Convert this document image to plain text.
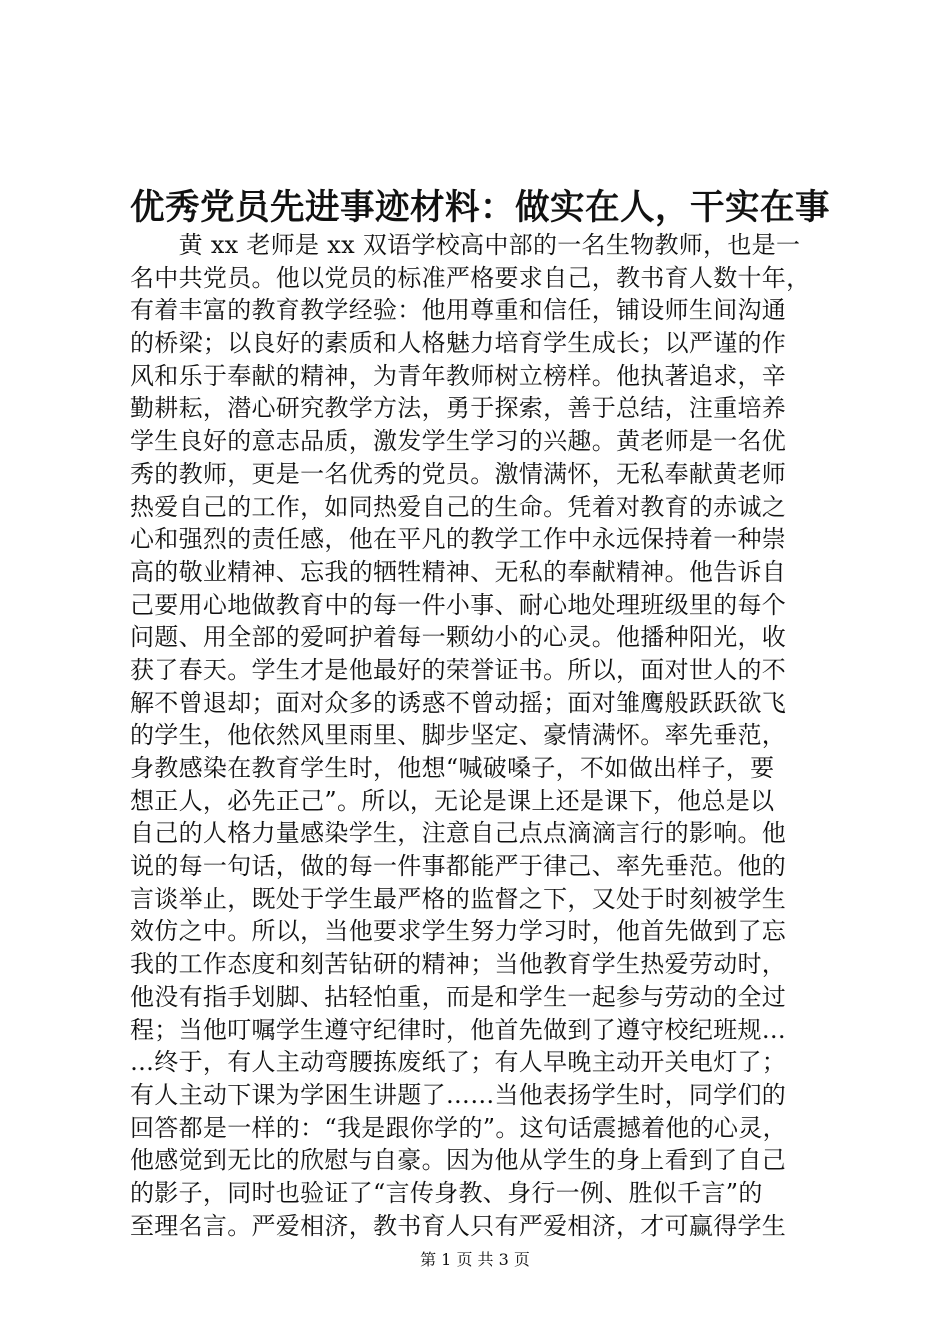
优秀党员先进事迹材料：做实在人，干实在事
　　黄 xx 老师是 xx 双语学校高中部的一名生物教师，也是一
名中共党员。他以党员的标准严格要求自己，教书育人数十年，
有着丰富的教育教学经验：他用尊重和信任，铺设师生间沟通
的桥梁；以良好的素质和人格魅力培育学生成长；以严谨的作
风和乐于奉献的精神，为青年教师树立榜样。他执著追求，辛
勤耕耘，潜心研究教学方法，勇于探索，善于总结，注重培养
学生良好的意志品质，激发学生学习的兴趣。黄老师是一名优
秀的教师，更是一名优秀的党员。激情满怀，无私奉献黄老师
热爱自己的工作，如同热爱自己的生命。凭着对教育的赤诚之
心和强烈的责任感，他在平凡的教学工作中永远保持着一种崇
高的敬业精神、忘我的牺牲精神、无私的奉献精神。他告诉自
己要用心地做教育中的每一件小事、耐心地处理班级里的每个
问题、用全部的爱呵护着每一颗幼小的心灵。他播种阳光，收
获了春天。学生才是他最好的荣誉证书。所以，面对世人的不
解不曾退却；面对众多的诱惑不曾动摇；面对雏鹰般跃跃欲飞
的学生，他依然风里雨里、脚步坚定、豪情满怀。率先垂范，
身教感染在教育学生时，他想“喊破嗓子，不如做出样子，要
想正人，必先正己”。所以，无论是课上还是课下，他总是以
自己的人格力量感染学生，注意自己点点滴滴言行的影响。他
说的每一句话，做的每一件事都能严于律己、率先垂范。他的
言谈举止，既处于学生最严格的监督之下，又处于时刻被学生
效仿之中。所以，当他要求学生努力学习时，他首先做到了忘
我的工作态度和刻苦钻研的精神；当他教育学生热爱劳动时，
他没有指手划脚、拈轻怕重，而是和学生一起参与劳动的全过
程；当他叮嘱学生遵守纪律时，他首先做到了遵守校纪班规…
…终于，有人主动弯腰拣废纸了；有人早晚主动开关电灯了；
有人主动下课为学困生讲题了……当他表扬学生时，同学们的
回答都是一样的：“我是跟你学的”。这句话震撼着他的心灵，
他感觉到无比的欣慰与自豪。因为他从学生的身上看到了自己
的影子，同时也验证了“言传身教、身行一例、胜似千言”的
至理名言。严爱相济，教书育人只有严爱相济，才可赢得学生
第 1 页 共 3 页
